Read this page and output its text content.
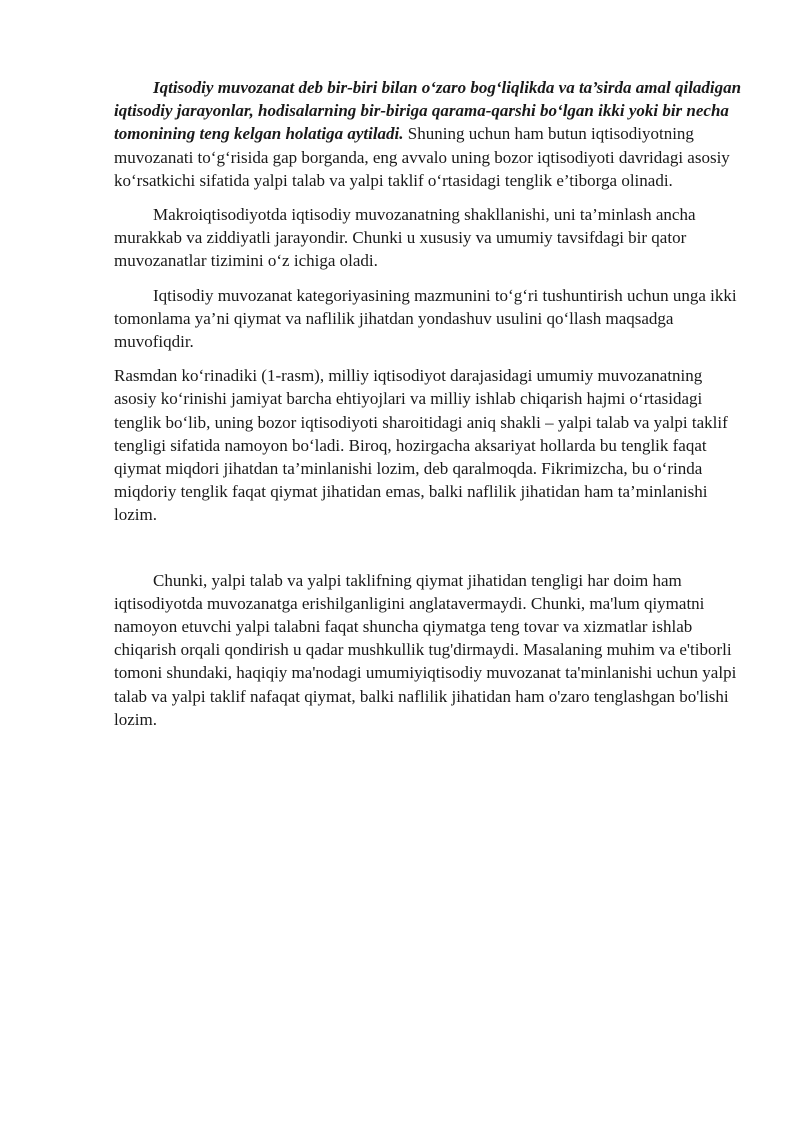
Iqtisodiy muvozanat deb bir-biri bilan o‘zaro bog‘liqlikda va ta’sirda amal qiladigan iqtisodiy jarayonlar, hodisalarning bir-biriga qarama-qarshi bo‘lgan ikki yoki bir necha tomonining teng kelgan holatiga aytiladi. Shuning uchun ham butun iqtisodiyotning muvozanati to‘g‘risida gap borganda, eng avvalo uning bozor iqtisodiyoti davridagi asosiy ko‘rsatkichi sifatida yalpi talab va yalpi taklif o‘rtasidagi tenglik e’tiborga olinadi.

Makroiqtisodiyotda iqtisodiy muvozanatning shakllanishi, uni ta’minlash ancha murakkab va ziddiyatli jarayondir. Chunki u xususiy va umumiy tavsifdagi bir qator muvozanatlar tizimini o‘z ichiga oladi.

Iqtisodiy muvozanat kategoriyasining mazmunini to‘g‘ri tushuntirish uchun unga ikki tomonlama ya’ni qiymat va naflilik jihatdan yondashuv usulini qo‘llash maqsadga muvofiqdir.

Rasmdan ko‘rinadiki (1-rasm), milliy iqtisodiyot darajasidagi umumiy muvozanatning asosiy ko‘rinishi jamiyat barcha ehtiyojlari va milliy ishlab chiqarish hajmi o‘rtasidagi tenglik bo‘lib, uning bozor iqtisodiyoti sharoitidagi aniq shakli – yalpi talab va yalpi taklif tengligi sifatida namoyon bo‘ladi. Biroq, hozirgacha aksariyat hollarda bu tenglik faqat qiymat miqdori jihatdan ta’minlanishi lozim, deb qaralmoqda. Fikrimizcha, bu o‘rinda miqdoriy tenglik faqat qiymat jihatidan emas, balki naflilik jihatidan ham ta’minlanishi lozim.

Chunki, yalpi talab va yalpi taklifning qiymat jihatidan tengligi har doim ham iqtisodiyotda muvozanatga erishilganligini anglatavermaydi. Chunki, ma'lum qiymatni namoyon etuvchi yalpi talabni faqat shuncha qiymatga teng tovar va xizmatlar ishlab chiqarish orqali qondirish u qadar mushkullik tug'dirmaydi. Masalaning muhim va e'tiborli tomoni shundaki, haqiqiy ma'nodagi umumiyiqtisodiy muvozanat ta'minlanishi uchun yalpi talab va yalpi taklif nafaqat qiymat, balki naflilik jihatidan ham o'zaro tenglashgan bo'lishi lozim.
